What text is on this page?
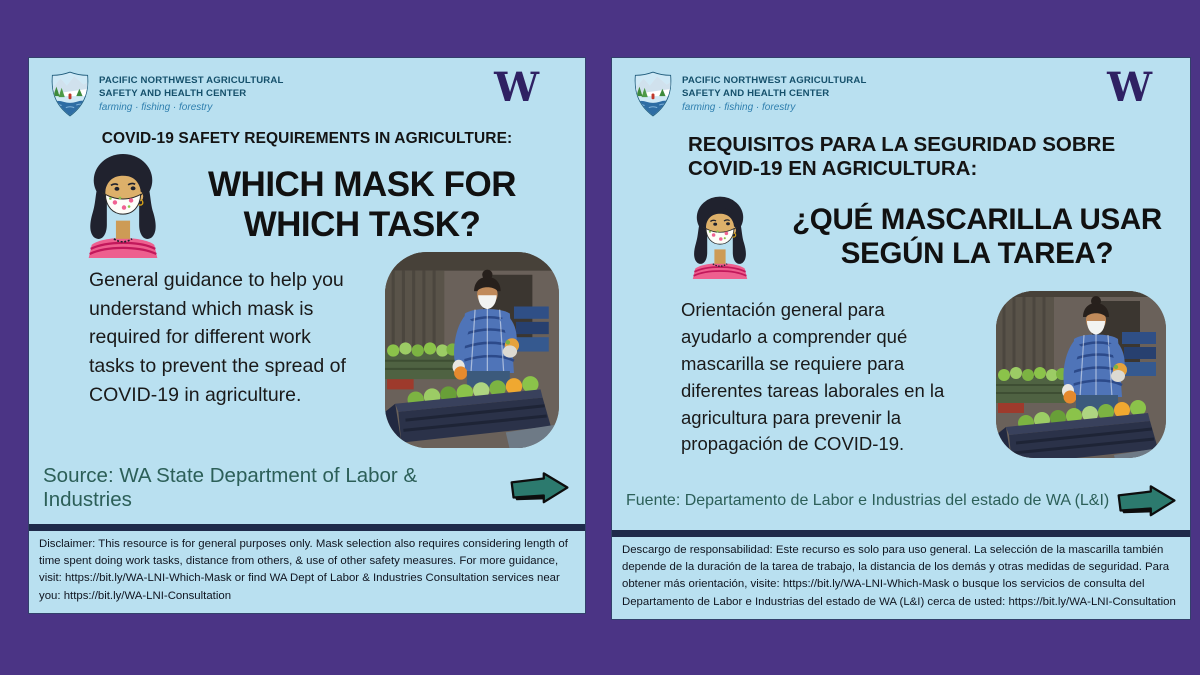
PACIFIC NORTHWEST AGRICULTURAL
SAFETY AND HEALTH CENTER
farming · fishing · forestry	W
COVID-19 SAFETY REQUIREMENTS IN AGRICULTURE:
WHICH MASK FOR WHICH TASK?

General guidance to help you understand which mask is required for different work tasks to prevent the spread of COVID-19 in agriculture.

Source: WA State Department of Labor & Industries

Disclaimer: This resource is for general purposes only. Mask selection also requires considering length of time spent doing work tasks, distance from others, & use of other safety measures. For more guidance, visit: https://bit.ly/WA-LNI-Which-Mask or find WA Dept of Labor & Industries Consultation services near you: https://bit.ly/WA-LNI-Consultation

PACIFIC NORTHWEST AGRICULTURAL
SAFETY AND HEALTH CENTER
farming · fishing · forestry	W
REQUISITOS PARA LA SEGURIDAD SOBRE COVID-19 EN AGRICULTURA:
¿QUÉ MASCARILLA USAR SEGÚN LA TAREA?

Orientación general para ayudarlo a comprender qué mascarilla se requiere para diferentes tareas laborales en la agricultura para prevenir la propagación de COVID-19.

Fuente: Departamento de Labor e Industrias del estado de WA (L&I)

Descargo de responsabilidad: Este recurso es solo para uso general. La selección de la mascarilla también depende de la duración de la tarea de trabajo, la distancia de los demás y otras medidas de seguridad. Para obtener más orientación, visite: https://bit.ly/WA-LNI-Which-Mask o busque los servicios de consulta del Departamento de Labor e Industrias del estado de WA (L&I) cerca de usted: https://bit.ly/WA-LNI-Consultation
